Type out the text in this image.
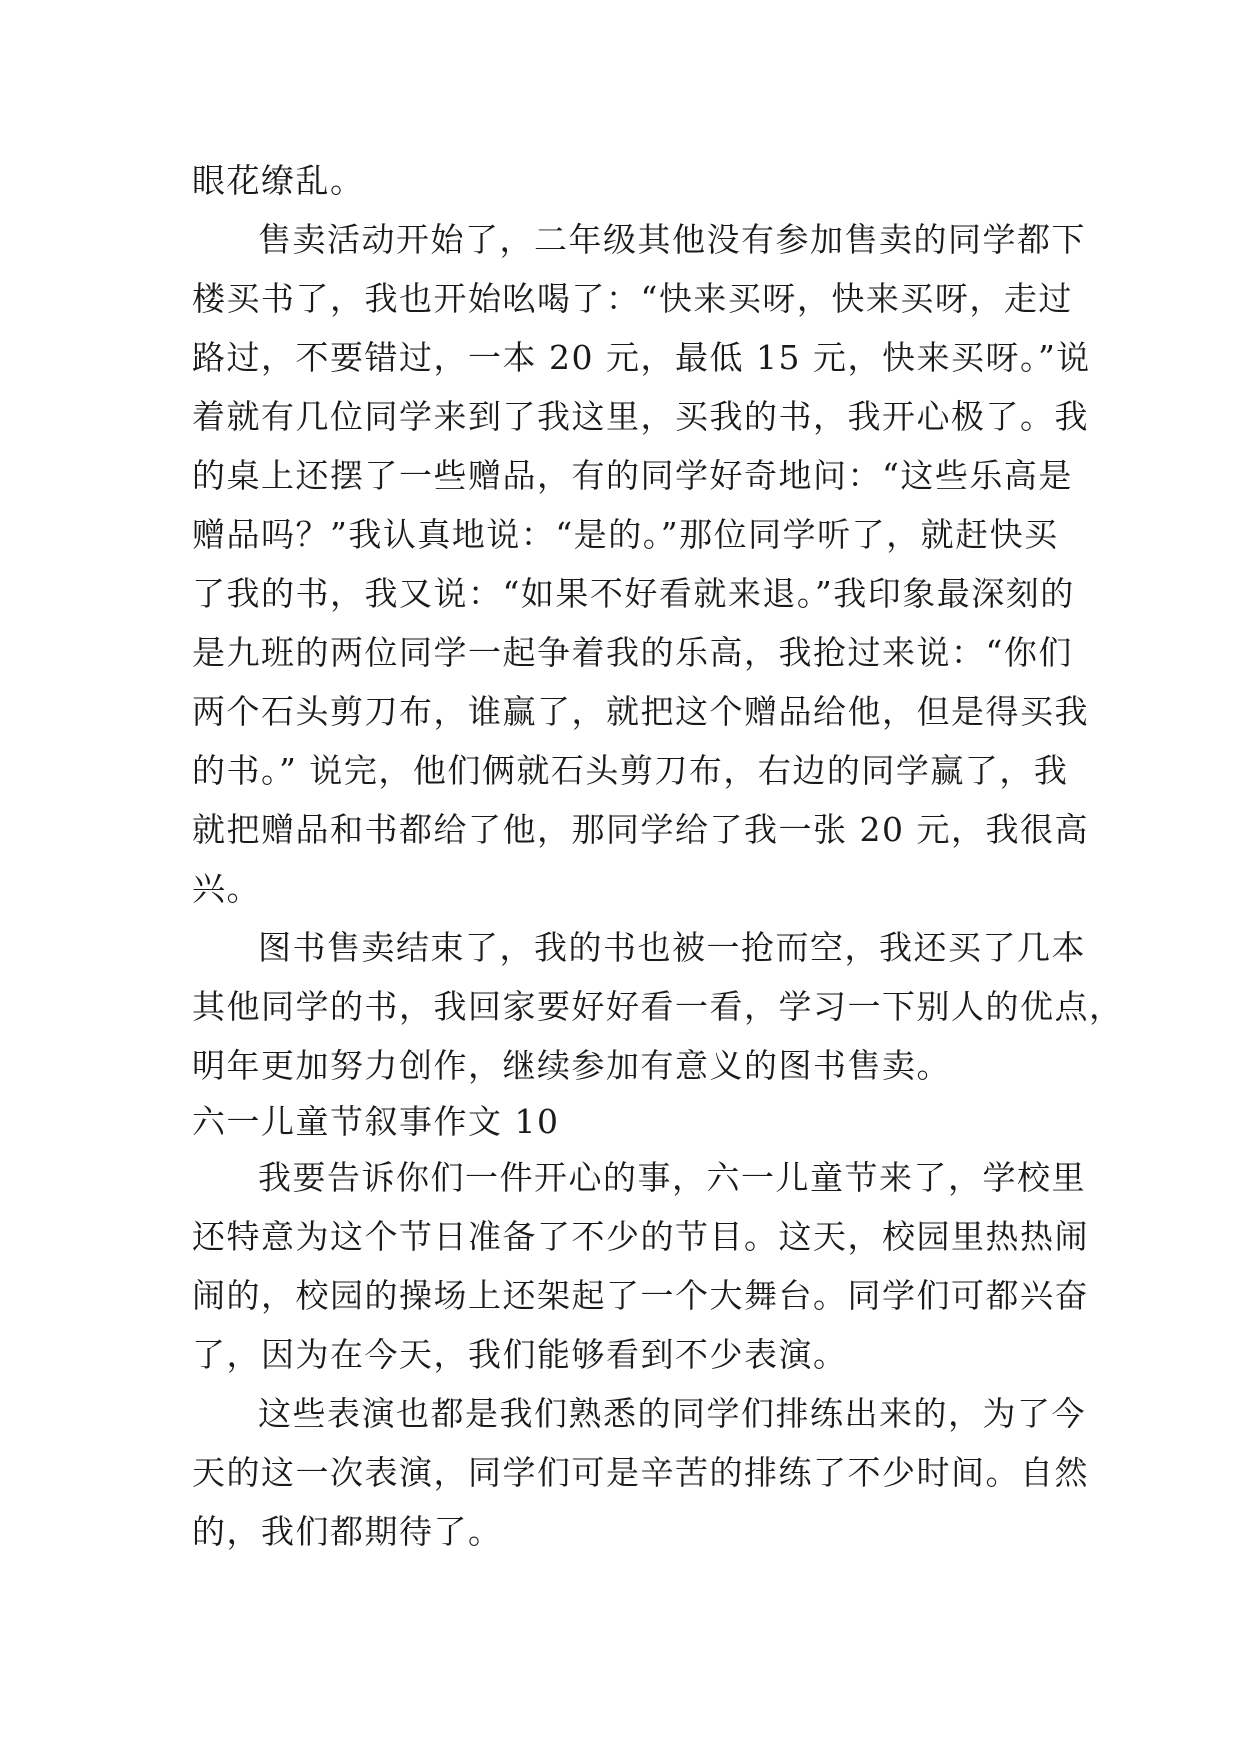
眼花缭乱。
售卖活动开始了，二年级其他没有参加售卖的同学都下
楼买书了，我也开始吆喝了：“快来买呀，快来买呀，走过
路过，不要错过，一本 20 元，最低 15 元，快来买呀。”说
着就有几位同学来到了我这里，买我的书，我开心极了。我
的桌上还摆了一些赠品，有的同学好奇地问：“这些乐高是
赠品吗？”我认真地说：“是的。”那位同学听了，就赶快买
了我的书，我又说：“如果不好看就来退。”我印象最深刻的
是九班的两位同学一起争着我的乐高，我抢过来说：“你们
两个石头剪刀布，谁赢了，就把这个赠品给他，但是得买我
的书。” 说完，他们俩就石头剪刀布，右边的同学赢了，我
就把赠品和书都给了他，那同学给了我一张 20 元，我很高
兴。
图书售卖结束了，我的书也被一抢而空，我还买了几本
其他同学的书，我回家要好好看一看，学习一下别人的优点，
明年更加努力创作，继续参加有意义的图书售卖。
六一儿童节叙事作文 10
我要告诉你们一件开心的事，六一儿童节来了，学校里
还特意为这个节日准备了不少的节目。这天，校园里热热闹
闹的，校园的操场上还架起了一个大舞台。同学们可都兴奋
了，因为在今天，我们能够看到不少表演。
这些表演也都是我们熟悉的同学们排练出来的，为了今
天的这一次表演，同学们可是辛苦的排练了不少时间。自然
的，我们都期待了。
